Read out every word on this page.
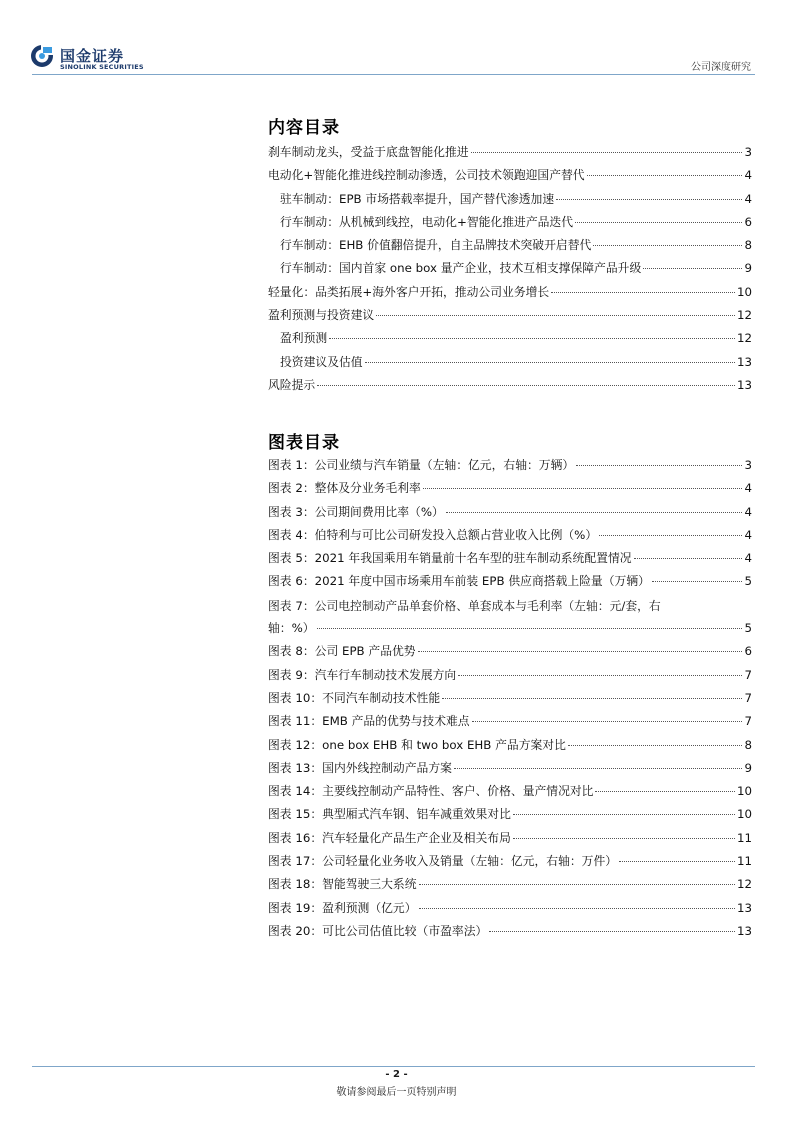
国金证券
SINOLINK SECURITIES	公司深度研究
内容目录
刹车制动龙头，受益于底盘智能化推进	3
电动化+智能化推进线控制动渗透，公司技术领跑迎国产替代	4
驻车制动：EPB 市场搭载率提升，国产替代渗透加速	4
行车制动：从机械到线控，电动化+智能化推进产品迭代	6
行车制动：EHB 价值翻倍提升，自主品牌技术突破开启替代	8
行车制动：国内首家 one box 量产企业，技术互相支撑保障产品升级	9
轻量化：品类拓展+海外客户开拓，推动公司业务增长	10
盈利预测与投资建议	12
盈利预测	12
投资建议及估值	13
风险提示	13
图表目录
图表 1：公司业绩与汽车销量（左轴：亿元，右轴：万辆）	3
图表 2：整体及分业务毛利率	4
图表 3：公司期间费用比率（%）	4
图表 4：伯特利与可比公司研发投入总额占营业收入比例（%）	4
图表 5：2021 年我国乘用车销量前十名车型的驻车制动系统配置情况	4
图表 6：2021 年度中国市场乘用车前装 EPB 供应商搭载上险量（万辆）	5
图表 7：公司电控制动产品单套价格、单套成本与毛利率（左轴：元/套，右
轴：%）	5
图表 8：公司 EPB 产品优势	6
图表 9：汽车行车制动技术发展方向	7
图表 10：不同汽车制动技术性能	7
图表 11：EMB 产品的优势与技术难点	7
图表 12：one box EHB 和 two box EHB 产品方案对比	8
图表 13：国内外线控制动产品方案	9
图表 14：主要线控制动产品特性、客户、价格、量产情况对比	10
图表 15：典型厢式汽车钢、铝车减重效果对比	10
图表 16：汽车轻量化产品生产企业及相关布局	11
图表 17：公司轻量化业务收入及销量（左轴：亿元，右轴：万件）	11
图表 18：智能驾驶三大系统	12
图表 19：盈利预测（亿元）	13
图表 20：可比公司估值比较（市盈率法）	13
- 2 -
敬请参阅最后一页特别声明
